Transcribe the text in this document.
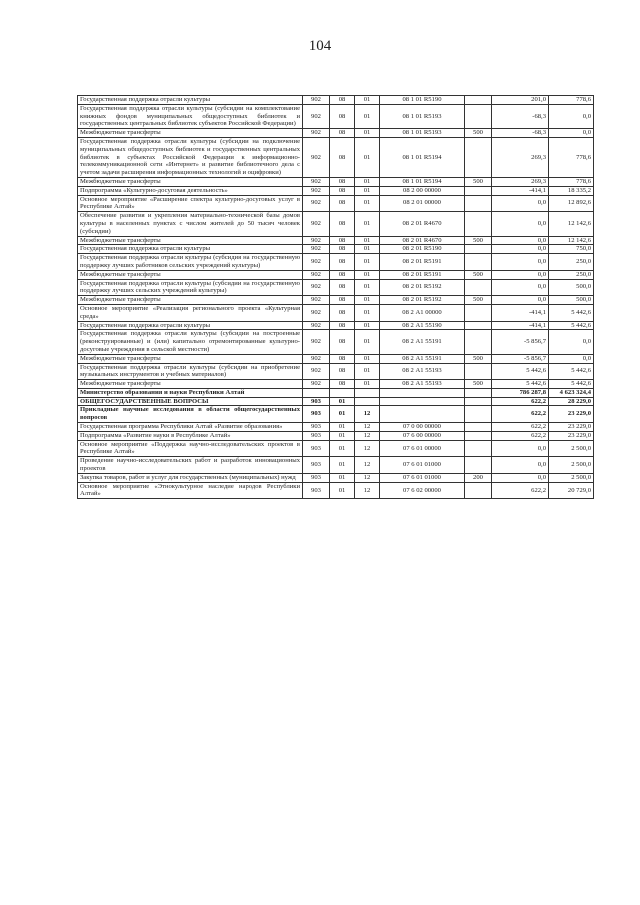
104
Государственная поддержка отрасли культуры	902	08	01	08 1 01 R5190		201,0	778,6
Государственная поддержка отрасли культуры (субсидии на комплектование книжных фондов муниципальных общедоступных библиотек и государственных центральных библиотек субъектов Российской Федерации)	902	08	01	08 1 01 R5193		-68,3	0,0
Межбюджетные трансферты	902	08	01	08 1 01 R5193	500	-68,3	0,0
Государственная поддержка отрасли культуры (субсидии на подключение муниципальных общедоступных библиотек и государственных центральных библиотек в субъектах Российской Федерации к информационно-телекоммуникационной сети «Интернет» и развитие библиотечного дела с учетом задачи расширения информационных технологий и оцифровки)	902	08	01	08 1 01 R5194		269,3	778,6
Межбюджетные трансферты	902	08	01	08 1 01 R5194	500	269,3	778,6
Подпрограмма «Культурно-досуговая деятельность»	902	08	01	08 2 00 00000		-414,1	18 335,2
Основное мероприятие «Расширение спектра культурно-досуговых услуг в Республике Алтай»	902	08	01	08 2 01 00000		0,0	12 892,6
Обеспечение развития и укрепления материально-технической базы домов культуры в населенных пунктах с числом жителей до 50 тысяч человек (субсидии)	902	08	01	08 2 01 R4670		0,0	12 142,6
Межбюджетные трансферты	902	08	01	08 2 01 R4670	500	0,0	12 142,6
Государственная поддержка отрасли культуры	902	08	01	08 2 01 R5190		0,0	750,0
Государственная поддержка отрасли культуры (субсидия на государственную поддержку лучших работников сельских учреждений культуры)	902	08	01	08 2 01 R5191		0,0	250,0
Межбюджетные трансферты	902	08	01	08 2 01 R5191	500	0,0	250,0
Государственная поддержка отрасли культуры (субсидии на государственную поддержку лучших сельских учреждений культуры)	902	08	01	08 2 01 R5192		0,0	500,0
Межбюджетные трансферты	902	08	01	08 2 01 R5192	500	0,0	500,0
Основное мероприятие «Реализация регионального проекта «Культурная среда»	902	08	01	08 2 А1 00000		-414,1	5 442,6
Государственная поддержка отрасли культуры	902	08	01	08 2 А1 55190		-414,1	5 442,6
Государственная поддержка отрасли культуры (субсидии на построенные (реконструированные) и (или) капитально отремонтированные культурно-досуговые учреждения в сельской местности)	902	08	01	08 2 А1 55191		-5 856,7	0,0
Межбюджетные трансферты	902	08	01	08 2 А1 55191	500	-5 856,7	0,0
Государственная поддержка отрасли культуры (субсидии на приобретение музыкальных инструментов и учебных материалов)	902	08	01	08 2 А1 55193		5 442,6	5 442,6
Межбюджетные трансферты	902	08	01	08 2 А1 55193	500	5 442,6	5 442,6
Министерство образования и науки Республики Алтай						786 287,8	4 623 324,4
ОБЩЕГОСУДАРСТВЕННЫЕ ВОПРОСЫ	903	01				622,2	28 229,0
Прикладные научные исследования в области общегосударственных вопросов	903	01	12			622,2	23 229,0
Государственная программа Республики Алтай «Развитие образования»	903	01	12	07 0 00 00000		622,2	23 229,0
Подпрограмма «Развитие науки в Республике Алтай»	903	01	12	07 6 00 00000		622,2	23 229,0
Основное мероприятие «Поддержка научно-исследовательских проектов в Республике Алтай»	903	01	12	07 6 01 00000		0,0	2 500,0
Проведение научно-исследовательских работ и разработок инновационных проектов	903	01	12	07 6 01 01000		0,0	2 500,0
Закупка товаров, работ и услуг для государственных (муниципальных) нужд	903	01	12	07 6 01 01000	200	0,0	2 500,0
Основное мероприятие «Этнокультурное наследие народов Республики Алтай»	903	01	12	07 6 02 00000		622,2	20 729,0
